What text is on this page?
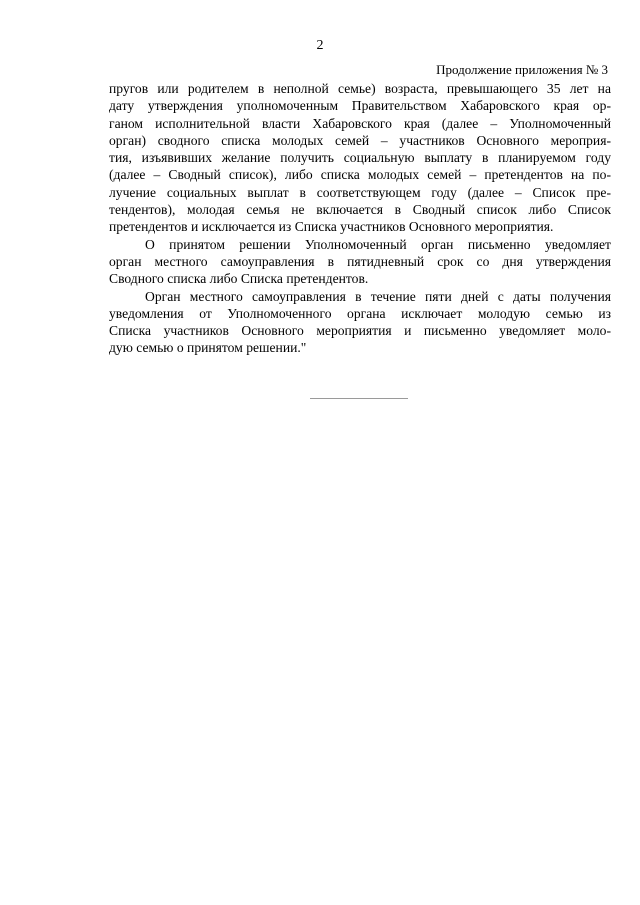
2
Продолжение приложения № 3
пругов или родителем в неполной семье) возраста, превышающего 35 лет на
дату утверждения уполномоченным Правительством Хабаровского края ор-
ганом исполнительной власти Хабаровского края (далее – Уполномоченный
орган) сводного списка молодых семей – участников Основного мероприя-
тия, изъявивших желание получить социальную выплату в планируемом году
(далее – Сводный список), либо списка молодых семей – претендентов на по-
лучение социальных выплат в соответствующем году (далее – Список пре-
тендентов), молодая семья не включается в Сводный список либо Список
претендентов и исключается из Списка участников Основного мероприятия.
О принятом решении Уполномоченный орган письменно уведомляет
орган местного самоуправления в пятидневный срок со дня утверждения
Сводного списка либо Списка претендентов.
Орган местного самоуправления в течение пяти дней с даты получения
уведомления от Уполномоченного органа исключает молодую семью из
Списка участников Основного мероприятия и письменно уведомляет моло-
дую семью о принятом решении."
